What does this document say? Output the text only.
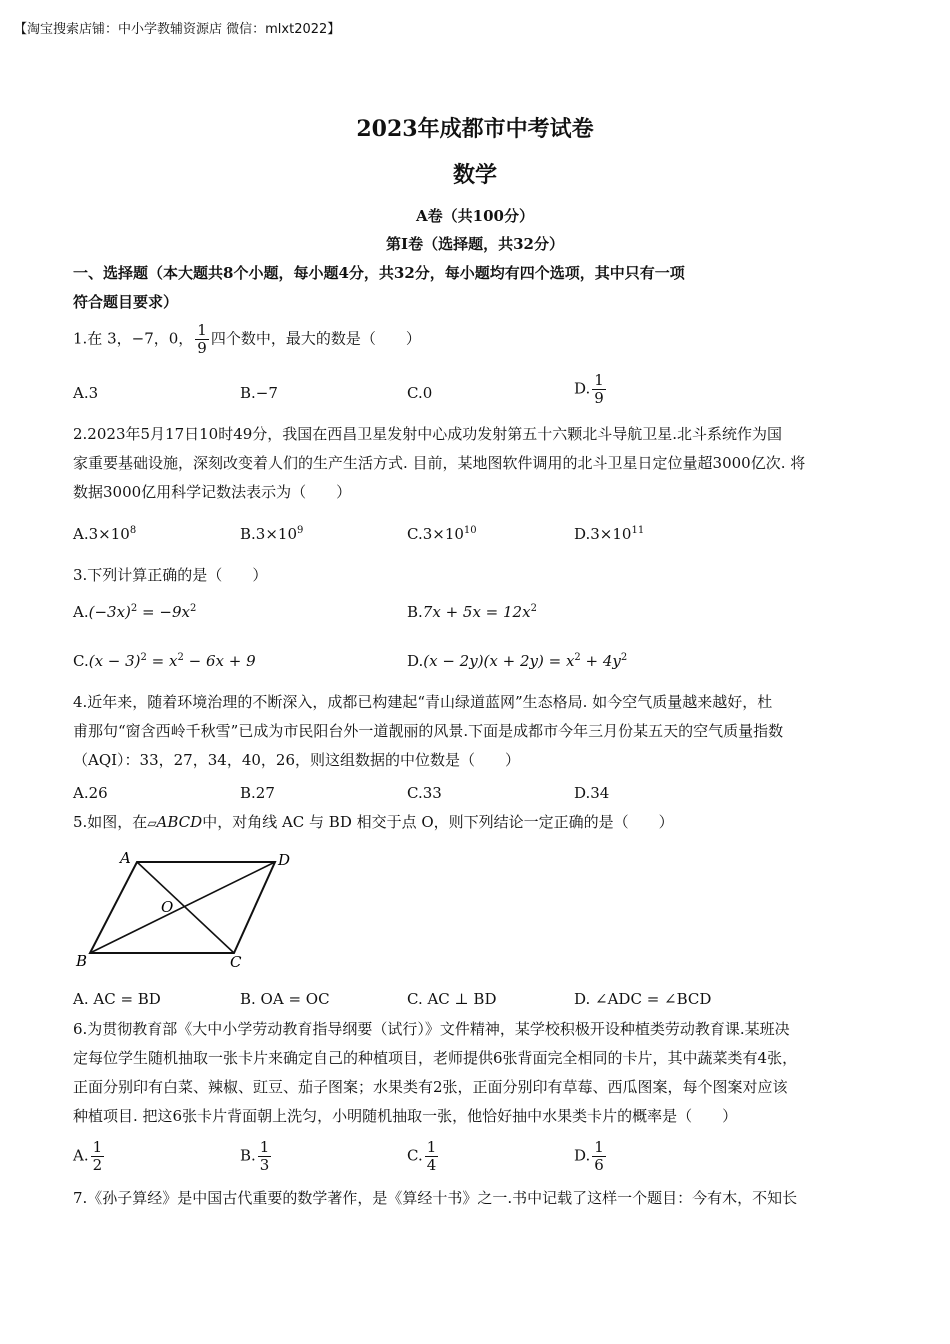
【淘宝搜索店铺：中小学教辅资源店 微信：mlxt2022】
2023年成都市中考试卷
数学
A卷（共100分）
第I卷（选择题，共32分）
一、选择题（本大题共8个小题，每小题4分，共32分，每小题均有四个选项，其中只有一项
符合题目要求）
1.在 3，−7，0， $\frac{1}{9}$ 四个数中，最大的数是（　　）
A.3	B.−7	C.0	D. $\frac{1}{9}$
2.2023年5月17日10时49分，我国在西昌卫星发射中心成功发射第五十六颗北斗导航卫星.北斗系统作为国
家重要基础设施，深刻改变着人们的生产生活方式. 目前，某地图软件调用的北斗卫星日定位量超3000亿次. 将
数据3000亿用科学记数法表示为（　　）
$A.3\times 10^8$	$B.3\times 10^9$	$C.3\times 10^{10}$	$D.3\times 10^{11}$
3.下列计算正确的是（　　）
$A.(-3x)^2 = -9x^2$	$B.7x + 5x = 12x^2$
$C.(x - 3)^2 = x^2 - 6x + 9$	$D.(x - 2y)(x + 2y) = x^2 + 4y^2$
4.近年来，随着环境治理的不断深入，成都已构建起“青山绿道蓝网”生态格局. 如今空气质量越来越好，杜
甫那句“窗含西岭千秋雪”已成为市民阳台外一道靓丽的风景.下面是成都市今年三月份某五天的空气质量指数
（AQI）：33，27，34，40，26，则这组数据的中位数是（　　）
A.26	B.27	C.33	D.34
5.如图，在▱ABCD中，对角线 AC 与 BD 相交于点 O，则下列结论一定正确的是（　　）
A	D
B	C
O
A. AC = BD	B. OA = OC	C. AC ⊥ BD	D. ∠ADC = ∠BCD
6.为贯彻教育部《大中小学劳动教育指导纲要（试行）》文件精神，某学校积极开设种植类劳动教育课.某班决
定每位学生随机抽取一张卡片来确定自己的种植项目，老师提供6张背面完全相同的卡片，其中蔬菜类有4张，
正面分别印有白菜、辣椒、豇豆、茄子图案；水果类有2张，正面分别印有草莓、西瓜图案，每个图案对应该
种植项目. 把这6张卡片背面朝上洗匀，小明随机抽取一张，他恰好抽中水果类卡片的概率是（　　）
A. $\frac{1}{2}$	B. $\frac{1}{3}$	C. $\frac{1}{4}$	D. $\frac{1}{6}$
7.《孙子算经》是中国古代重要的数学著作，是《算经十书》之一.书中记载了这样一个题目：今有木，不知长
